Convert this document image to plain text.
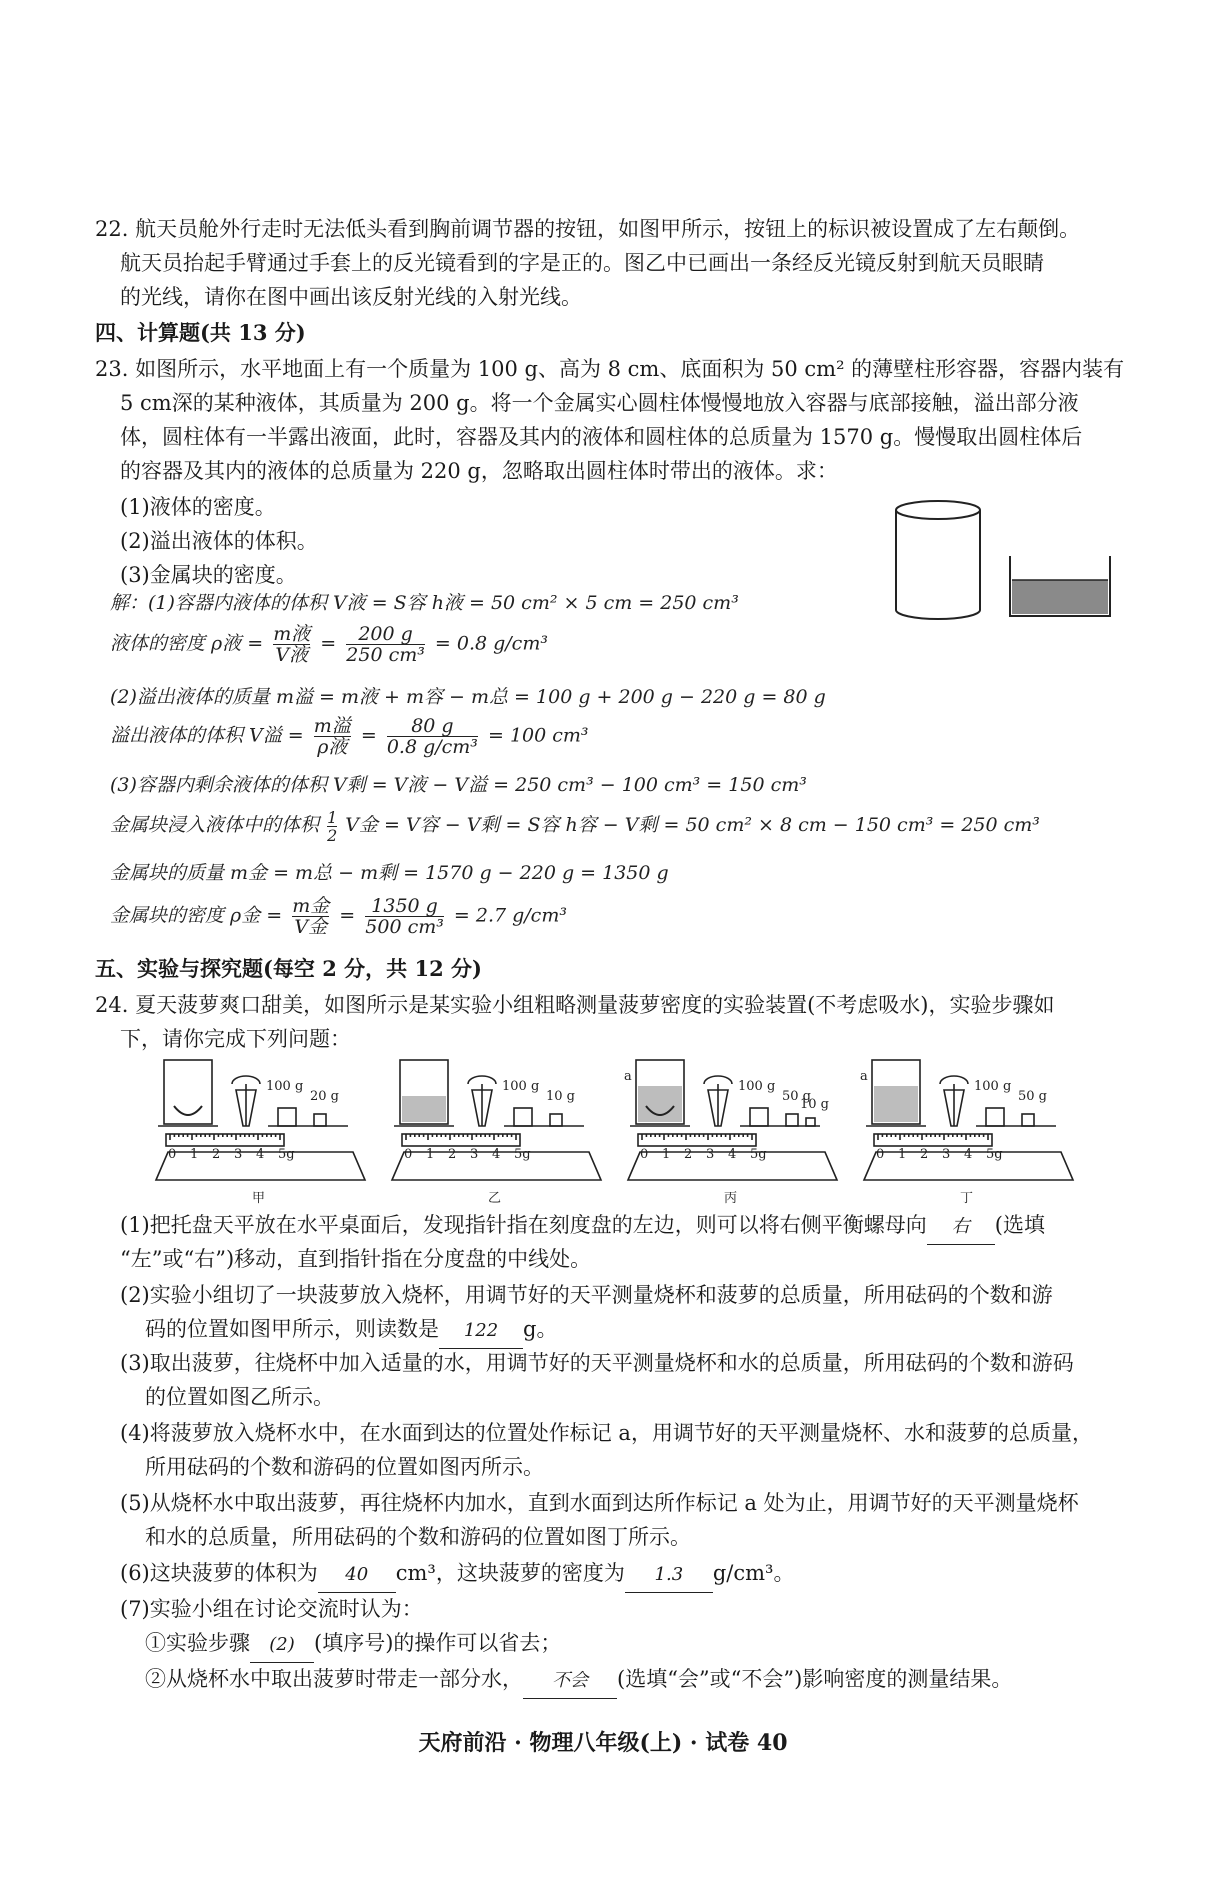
22. 航天员舱外行走时无法低头看到胸前调节器的按钮，如图甲所示，按钮上的标识被设置成了左右颠倒。
航天员抬起手臂通过手套上的反光镜看到的字是正的。图乙中已画出一条经反光镜反射到航天员眼睛
的光线，请你在图中画出该反射光线的入射光线。
四、计算题(共 13 分)
23. 如图所示，水平地面上有一个质量为 100 g、高为 8 cm、底面积为 50 cm² 的薄壁柱形容器，容器内装有
5 cm深的某种液体，其质量为 200 g。将一个金属实心圆柱体慢慢地放入容器与底部接触，溢出部分液
体，圆柱体有一半露出液面，此时，容器及其内的液体和圆柱体的总质量为 1570 g。慢慢取出圆柱体后
的容器及其内的液体的总质量为 220 g，忽略取出圆柱体时带出的液体。求：
(1)液体的密度。
(2)溢出液体的体积。
(3)金属块的密度。
解：(1)容器内液体的体积 V液 = S容 h液 = 50 cm² × 5 cm = 250 cm³
液体的密度 ρ液 = m液
V液
= $\frac{200 g}{\text{250 cm³}} = 0.8$ g/cm³
(2)溢出液体的质量 m溢 = m液 + m容 − m总 = 100 g + 200 g − 220 g = 80 g
溢出液体的体积 V溢 = m溢
ρ液
= $\frac{80 g}{\text{0.8 g/cm³}} = 100$ cm³
(3)容器内剩余液体的体积 V剩 = V液 − V溢 = 250 cm³ − 100 cm³ = 150 cm³
金属块浸入液体中的体积 $\frac{1}{2}$ V金 = V容 − V剩 = S容 h容 − V剩 = 50 cm² × 8 cm − 150 cm³ = 250 cm³
金属块的质量 m金 = m总 − m剩 = 1570 g − 220 g = 1350 g
金属块的密度 ρ金 = m金
V金
= $\frac{1350 g}{\text{500 cm³}} = 2.7$ g/cm³
五、实验与探究题(每空 2 分，共 12 分)
24. 夏天菠萝爽口甜美，如图所示是某实验小组粗略测量菠萝密度的实验装置(不考虑吸水)，实验步骤如
下，请你完成下列问题：
100 g
20 g
0 1 2 3 4 5g
甲
100 g
10 g
0 1 2 3 4 5g
乙
100 g
50 g
10 g
a
0 1 2 3 4 5g
丙
100 g
50 g
a
0 1 2 3 4 5g
丁
(1)把托盘天平放在水平桌面后，发现指针指在刻度盘的左边，则可以将右侧平衡螺母向 右 (选填
“左”或“右”)移动，直到指针指在分度盘的中线处。
(2)实验小组切了一块菠萝放入烧杯，用调节好的天平测量烧杯和菠萝的总质量，所用砝码的个数和游
码的位置如图甲所示，则读数是 122 g。
(3)取出菠萝，往烧杯中加入适量的水，用调节好的天平测量烧杯和水的总质量，所用砝码的个数和游码
的位置如图乙所示。
(4)将菠萝放入烧杯水中，在水面到达的位置处作标记 a，用调节好的天平测量烧杯、水和菠萝的总质量，
所用砝码的个数和游码的位置如图丙所示。
(5)从烧杯水中取出菠萝，再往烧杯内加水，直到水面到达所作标记 a 处为止，用调节好的天平测量烧杯
和水的总质量，所用砝码的个数和游码的位置如图丁所示。
(6)这块菠萝的体积为 40 cm³，这块菠萝的密度为 1.3 g/cm³。
(7)实验小组在讨论交流时认为：
①实验步骤 (2) (填序号)的操作可以省去；
②从烧杯水中取出菠萝时带走一部分水， 不会 (选填“会”或“不会”)影响密度的测量结果。
天府前沿 · 物理八年级(上) · 试卷 40
